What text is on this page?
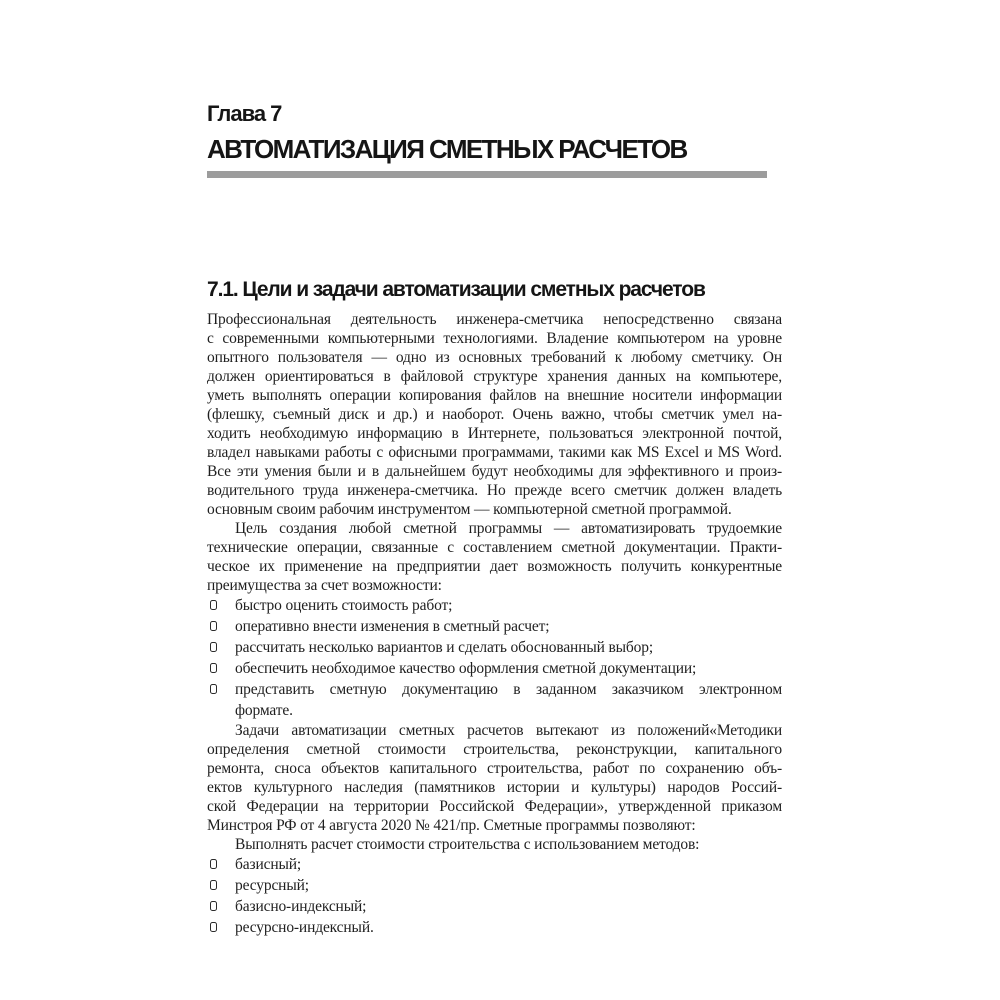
Глава 7
АВТОМАТИЗАЦИЯ СМЕТНЫХ РАСЧЕТОВ
7.1. Цели и задачи автоматизации сметных расчетов
Профессиональная деятельность инженера-сметчика непосредственно связана
с современными компьютерными технологиями. Владение компьютером на уровне
опытного пользователя — одно из основных требований к любому сметчику. Он
должен ориентироваться в файловой структуре хранения данных на компьютере,
уметь выполнять операции копирования файлов на внешние носители информации
(флешку, съемный диск и др.) и наоборот. Очень важно, чтобы сметчик умел на-
ходить необходимую информацию в Интернете, пользоваться электронной почтой,
владел навыками работы с офисными программами, такими как MS Excel и MS Word.
Все эти умения были и в дальнейшем будут необходимы для эффективного и произ-
водительного труда инженера-сметчика. Но прежде всего сметчик должен владеть
основным своим рабочим инструментом — компьютерной сметной программой.
Цель создания любой сметной программы — автоматизировать трудоемкие
технические операции, связанные с составлением сметной документации. Практи-
ческое их применение на предприятии дает возможность получить конкурентные
преимущества за счет возможности:
быстро оценить стоимость работ;
оперативно внести изменения в сметный расчет;
рассчитать несколько вариантов и сделать обоснованный выбор;
обеспечить необходимое качество оформления сметной документации;
представить сметную документацию в заданном заказчиком электронном
формате.
Задачи автоматизации сметных расчетов вытекают из положений«Методики
определения сметной стоимости строительства, реконструкции, капитального
ремонта, сноса объектов капитального строительства, работ по сохранению объ-
ектов культурного наследия (памятников истории и культуры) народов Россий-
ской Федерации на территории Российской Федерации», утвержденной приказом
Минстроя РФ от 4 августа 2020 № 421/пр. Сметные программы позволяют:
Выполнять расчет стоимости строительства с использованием методов:
базисный;
ресурсный;
базисно-индексный;
ресурсно-индексный.
